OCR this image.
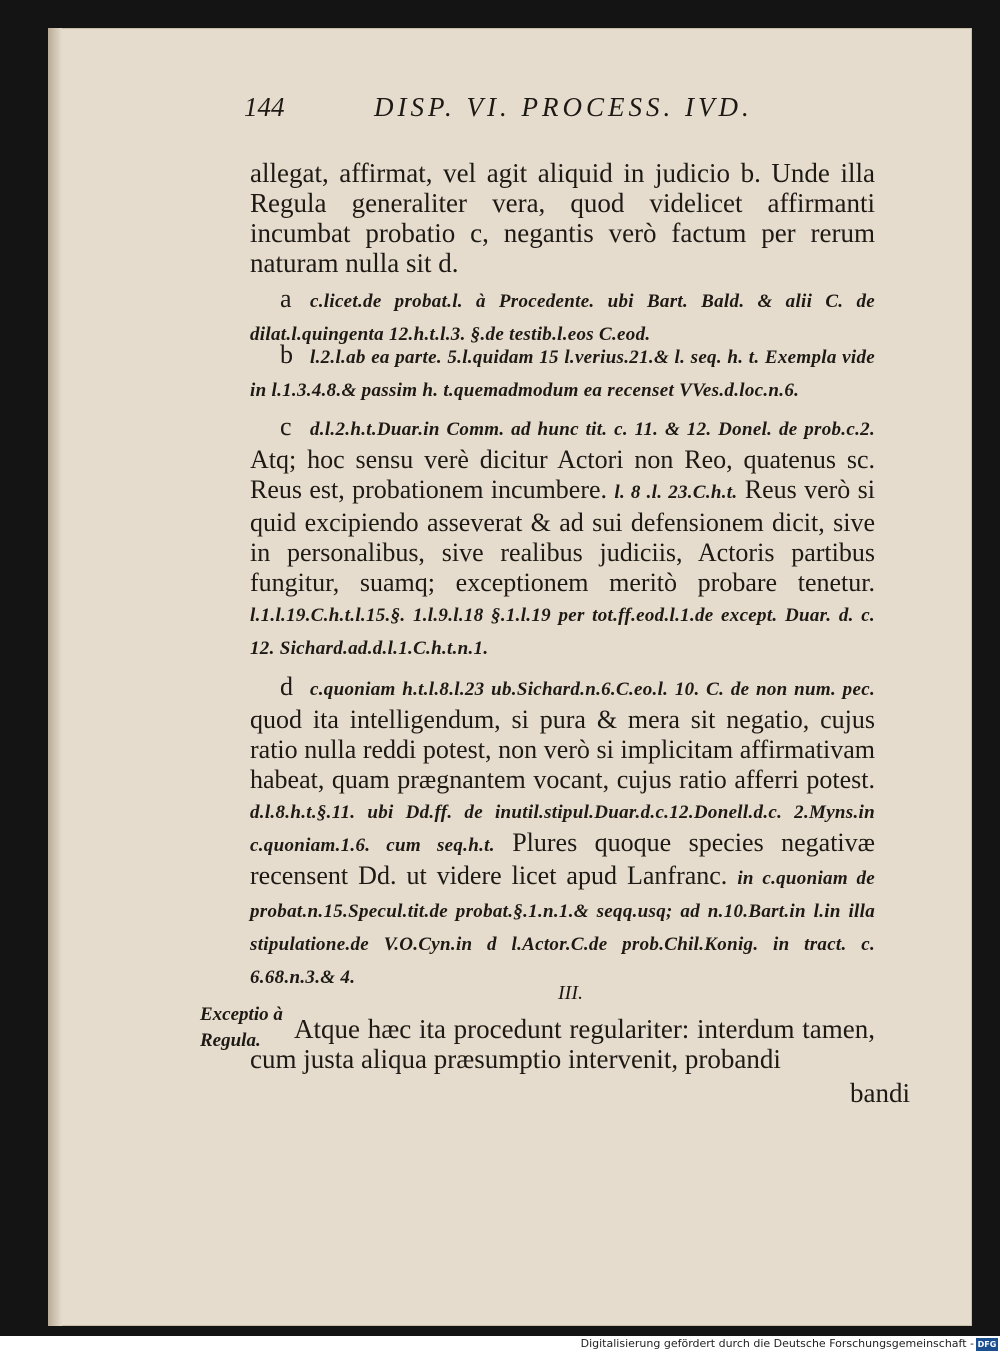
144	DISP. VI. PROCESS. IVD.
allegat, affirmat, vel agit aliquid in judicio b. Unde illa Regula generaliter vera, quod videlicet affirmanti incumbat probatio c, negantis verò factum per rerum naturam nulla sit d.
a c.licet.de probat.l. à Procedente. ubi Bart. Bald. & alii C. de dilat.l.quingenta 12.h.t.l.3. §.de testib.l.eos C.eod.
b l.2.l.ab ea parte. 5.l.quidam 15 l.verius.21.& l. seq. h. t. Exempla vide in l.1.3.4.8.& passim h. t.quemadmodum ea recenset VVes.d.loc.n.6.
c d.l.2.h.t.Duar.in Comm. ad hunc tit. c. 11. & 12. Donel. de prob.c.2. Atq; hoc sensu verè dicitur Actori non Reo, quatenus sc. Reus est, probationem incumbere. l. 8 .l. 23.C.h.t. Reus verò si quid excipiendo asseverat & ad sui defensionem dicit, sive in personalibus, sive realibus judiciis, Actoris partibus fungitur, suamq; exceptionem meritò probare tenetur. l.1.l.19.C.h.t.l.15.§. 1.l.9.l.18 §.1.l.19 per tot.ff.eod.l.1.de except. Duar. d. c. 12. Sichard.ad.d.l.1.C.h.t.n.1.
d c.quoniam h.t.l.8.l.23 ub.Sichard.n.6.C.eo.l. 10. C. de non num. pec. quod ita intelligendum, si pura & mera sit negatio, cujus ratio nulla reddi potest, non verò si implicitam affirmativam habeat, quam prægnantem vocant, cujus ratio afferri potest. d.l.8.h.t.§.11. ubi Dd.ff. de inutil.stipul.Duar.d.c.12.Donell.d.c. 2.Myns.in c.quoniam.1.6. cum seq.h.t. Plures quoque species negativæ recensent Dd. ut videre licet apud Lanfranc. in c.quoniam de probat.n.15.Specul.tit.de probat.§.1.n.1.& seqq.usq; ad n.10.Bart.in l.in illa stipulatione.de V.O.Cyn.in d l.Actor.C.de prob.Chil.Konig. in tract. c. 6.68.n.3.& 4.
III.
Exceptio à Regula.	Atque hæc ita procedunt regulariter: interdum tamen, cum justa aliqua præsumptio intervenit, probandi
bandi
Digitalisierung gefördert durch die Deutsche Forschungsgemeinschaft - DFG
